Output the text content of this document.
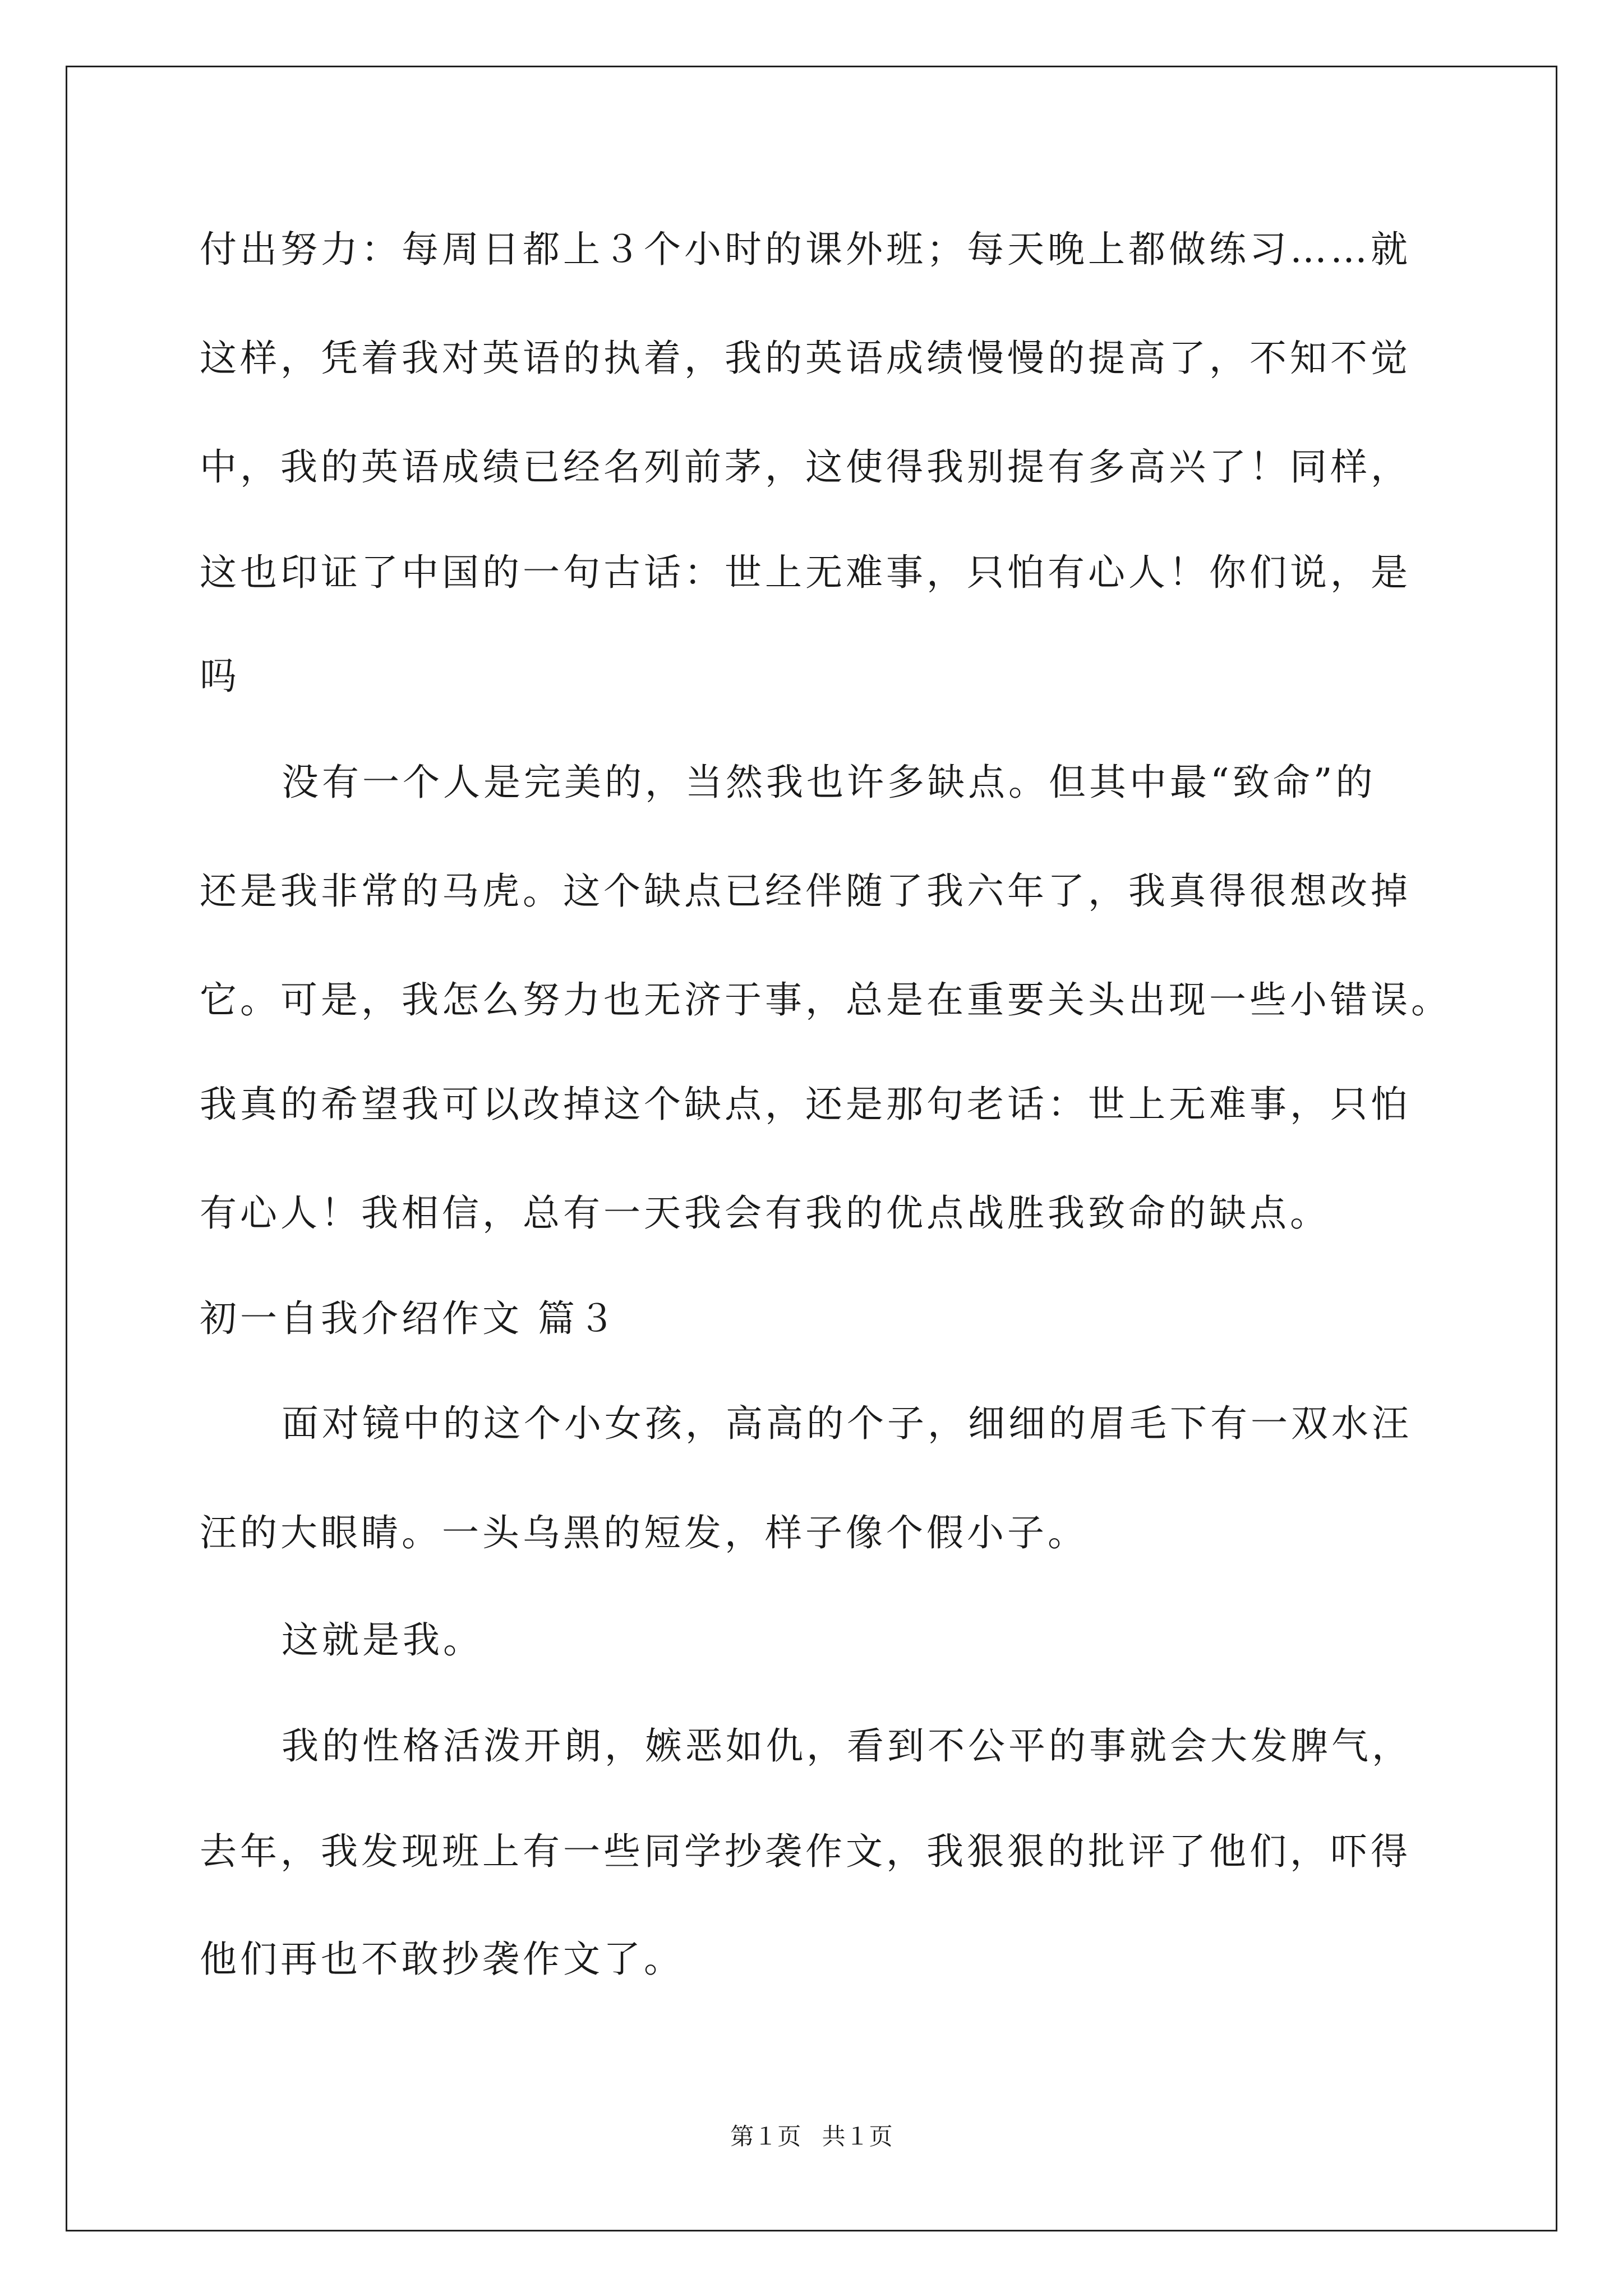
付出努力：每周日都上３个小时的课外班；每天晚上都做练习……就
这样，凭着我对英语的执着，我的英语成绩慢慢的提高了，不知不觉
中，我的英语成绩已经名列前茅，这使得我别提有多高兴了！同样，
这也印证了中国的一句古话：世上无难事，只怕有心人！你们说，是
吗
没有一个人是完美的，当然我也许多缺点。但其中最“致命”的
还是我非常的马虎。这个缺点已经伴随了我六年了，我真得很想改掉
它。可是，我怎么努力也无济于事，总是在重要关头出现一些小错误。
我真的希望我可以改掉这个缺点，还是那句老话：世上无难事，只怕
有心人！我相信，总有一天我会有我的优点战胜我致命的缺点。
初一自我介绍作文 篇３
面对镜中的这个小女孩，高高的个子，细细的眉毛下有一双水汪
汪的大眼睛。一头乌黑的短发，样子像个假小子。
这就是我。
我的性格活泼开朗，嫉恶如仇，看到不公平的事就会大发脾气，
去年，我发现班上有一些同学抄袭作文，我狠狠的批评了他们，吓得
他们再也不敢抄袭作文了。
第１页 共１页
